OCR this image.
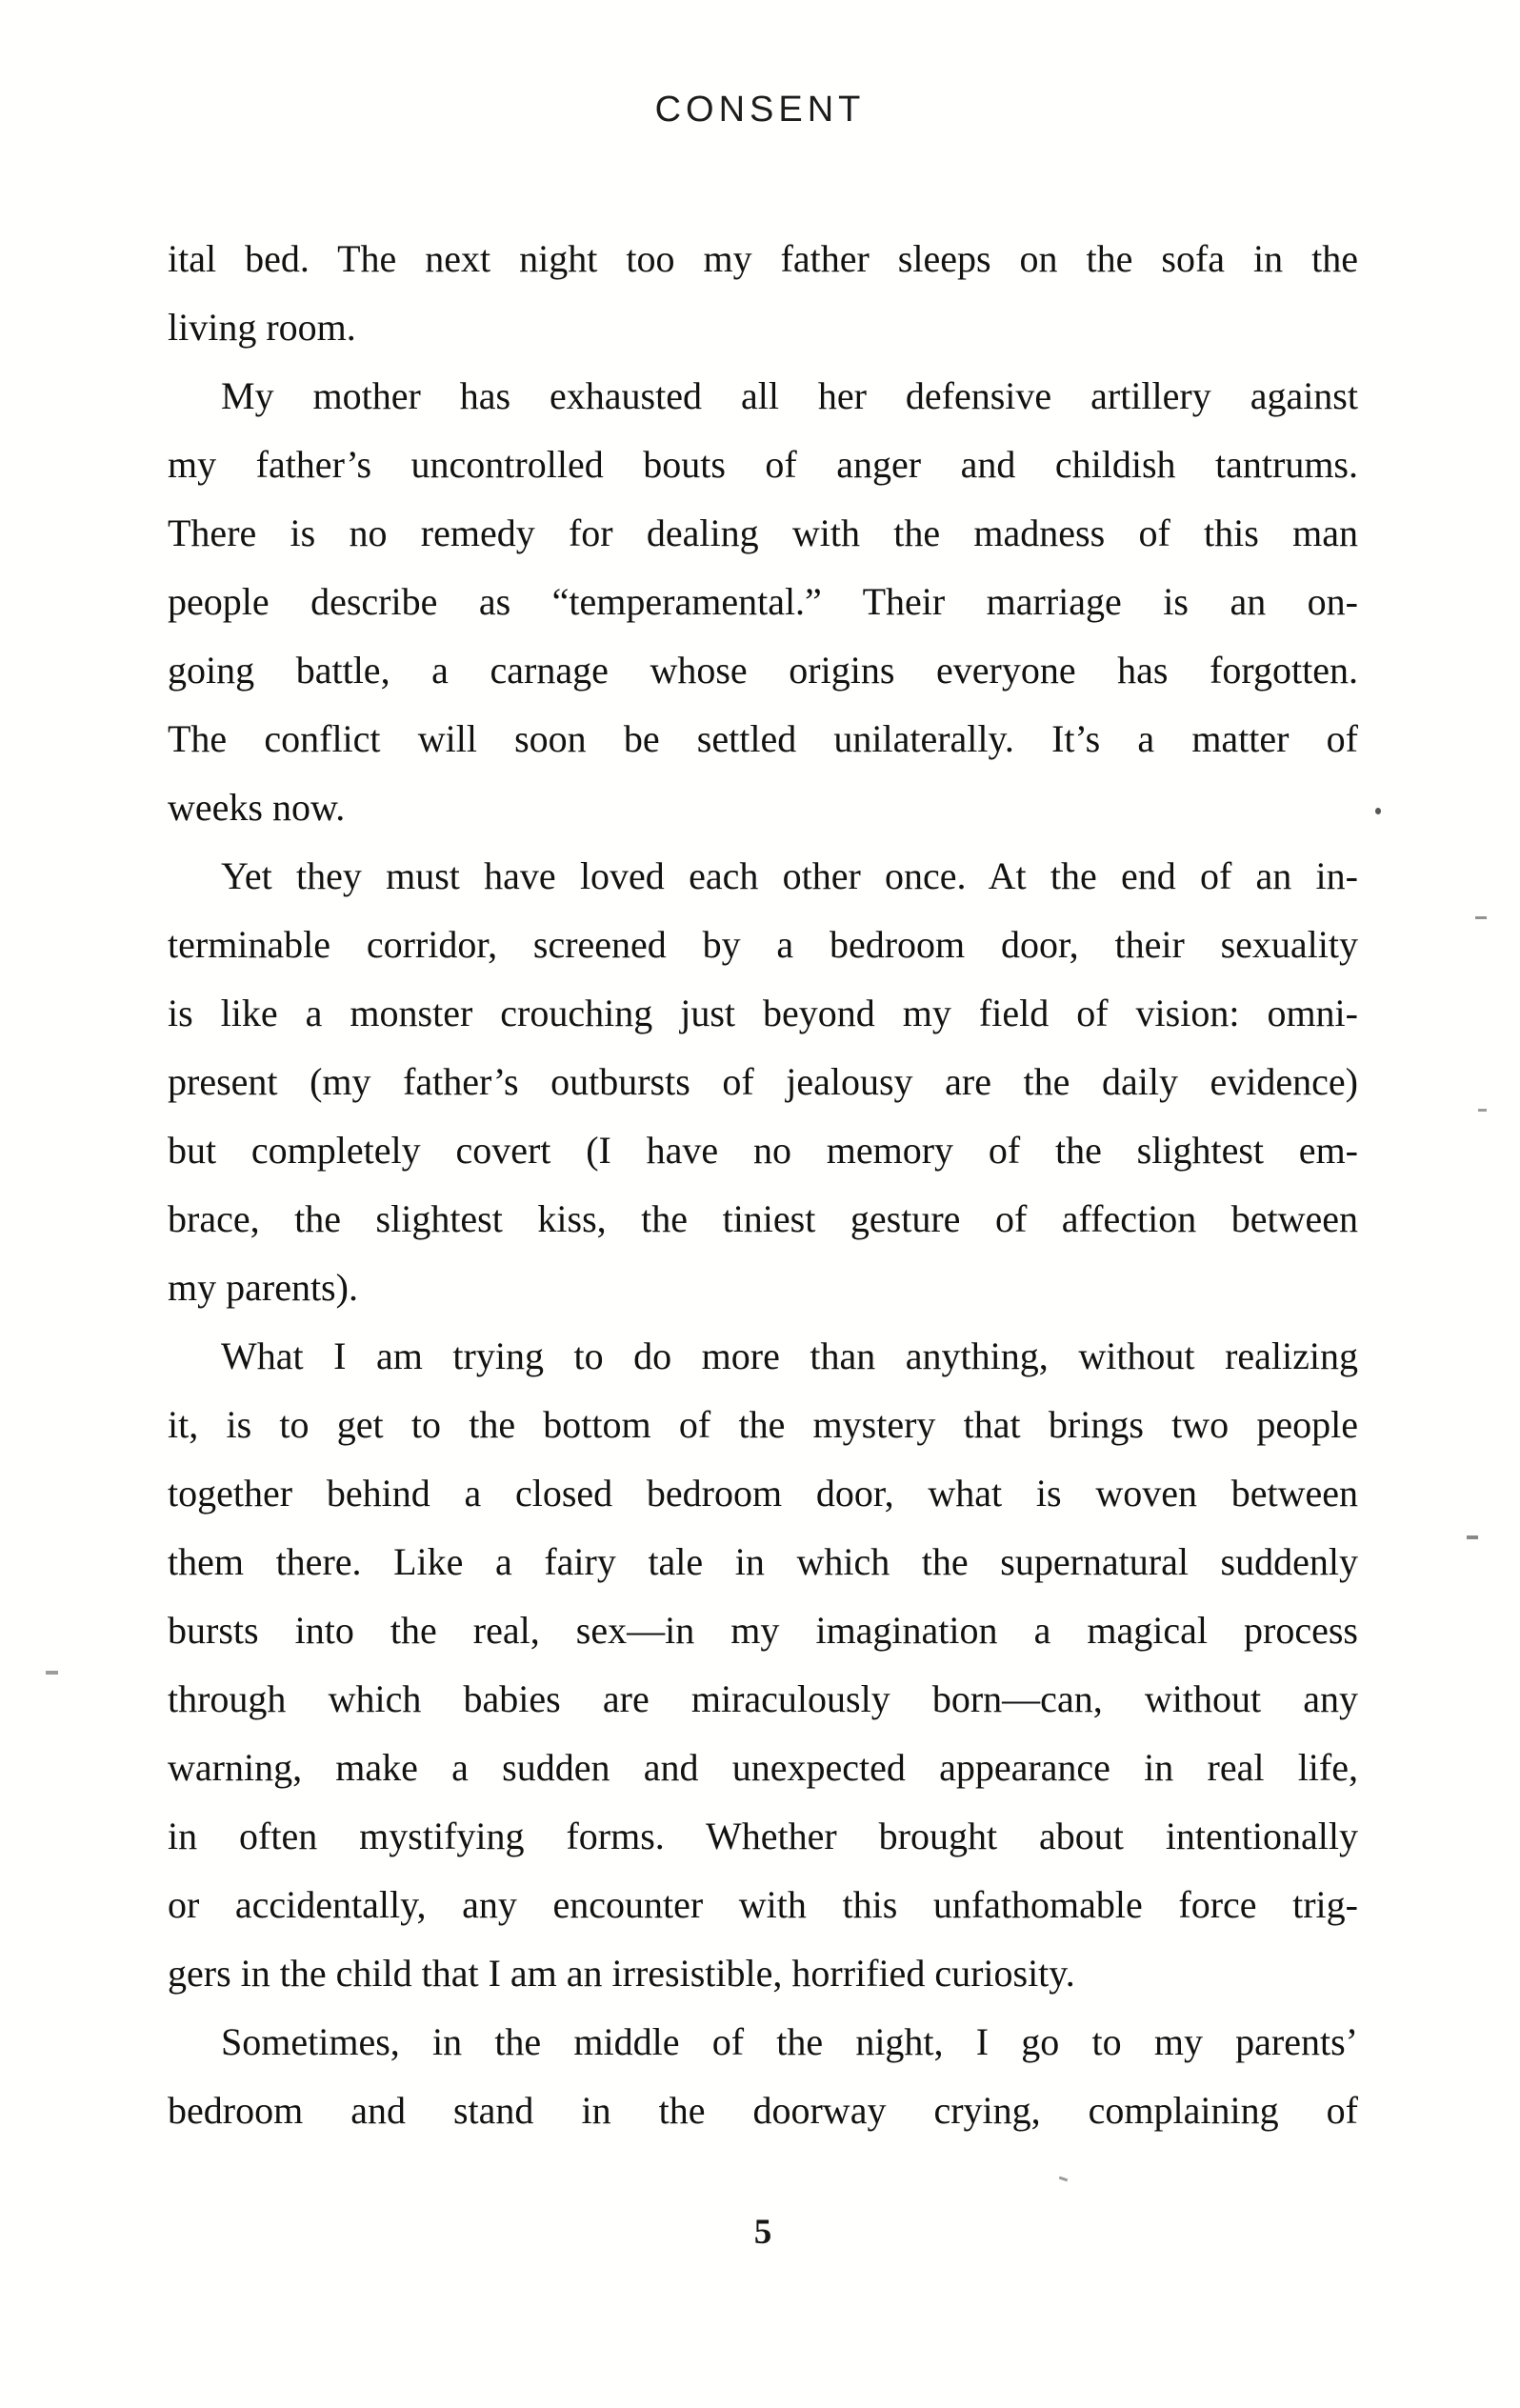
CONSENT
ital bed. The next night too my father sleeps on the sofa in the
living room.
My mother has exhausted all her defensive artillery against
my father’s uncontrolled bouts of anger and childish tantrums.
There is no remedy for dealing with the madness of this man
people describe as “temperamental.” Their marriage is an on-
going battle, a carnage whose origins everyone has forgotten.
The conflict will soon be settled unilaterally. It’s a matter of
weeks now.
Yet they must have loved each other once. At the end of an in-
terminable corridor, screened by a bedroom door, their sexuality
is like a monster crouching just beyond my field of vision: omni-
present (my father’s outbursts of jealousy are the daily evidence)
but completely covert (I have no memory of the slightest em-
brace, the slightest kiss, the tiniest gesture of affection between
my parents).
What I am trying to do more than anything, without realizing
it, is to get to the bottom of the mystery that brings two people
together behind a closed bedroom door, what is woven between
them there. Like a fairy tale in which the supernatural suddenly
bursts into the real, sex—in my imagination a magical process
through which babies are miraculously born—can, without any
warning, make a sudden and unexpected appearance in real life,
in often mystifying forms. Whether brought about intentionally
or accidentally, any encounter with this unfathomable force trig-
gers in the child that I am an irresistible, horrified curiosity.
Sometimes, in the middle of the night, I go to my parents’
bedroom and stand in the doorway crying, complaining of
5
